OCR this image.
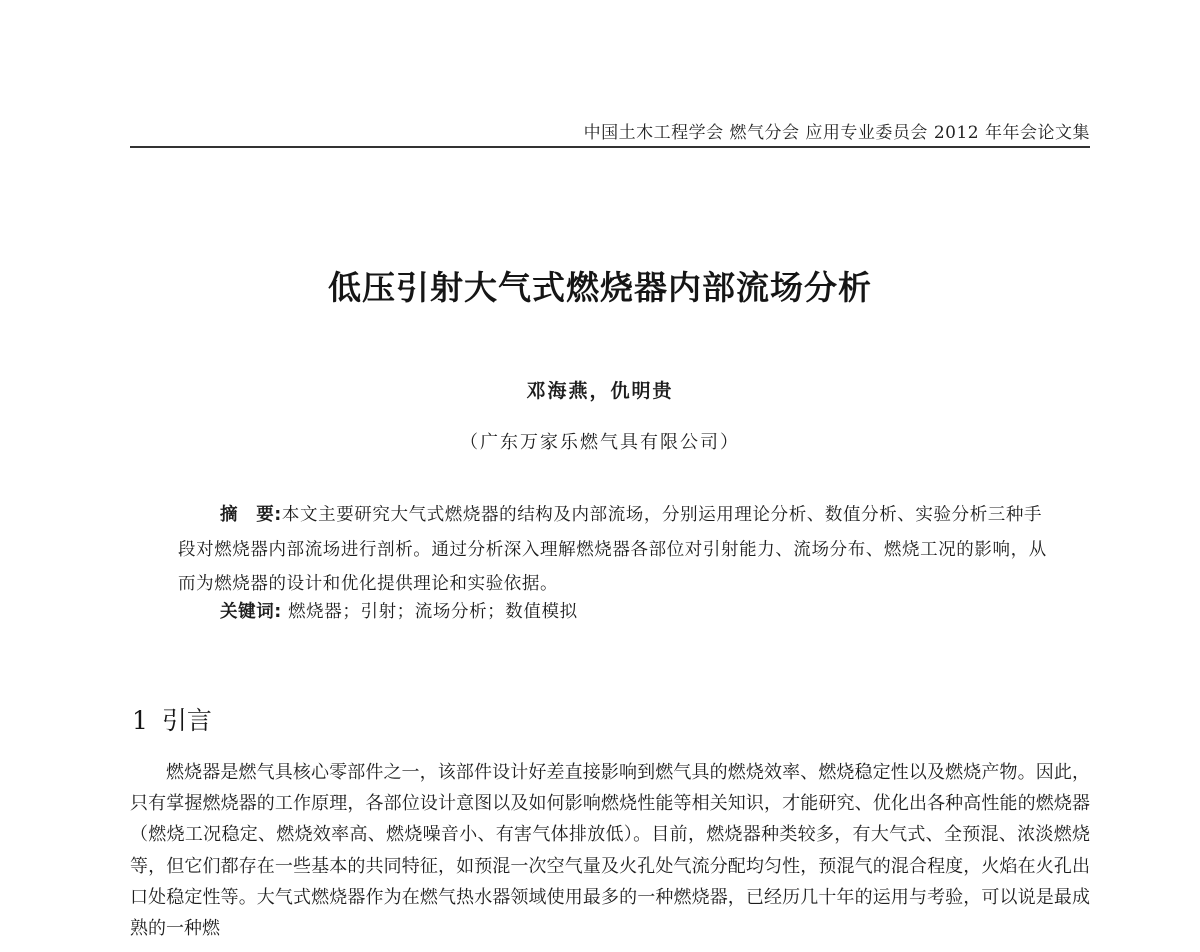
中国土木工程学会 燃气分会 应用专业委员会 2012 年年会论文集
低压引射大气式燃烧器内部流场分析
邓海燕，仇明贵
（广东万家乐燃气具有限公司）

摘　要:本文主要研究大气式燃烧器的结构及内部流场，分别运用理论分析、数值分析、实验分析三种手段对燃烧器内部流场进行剖析。通过分析深入理解燃烧器各部位对引射能力、流场分布、燃烧工况的影响，从而为燃烧器的设计和优化提供理论和实验依据。

关键词: 燃烧器；引射；流场分析；数值模拟
1 引言

燃烧器是燃气具核心零部件之一，该部件设计好差直接影响到燃气具的燃烧效率、燃烧稳定性以及燃烧产物。因此，只有掌握燃烧器的工作原理，各部位设计意图以及如何影响燃烧性能等相关知识，才能研究、优化出各种高性能的燃烧器（燃烧工况稳定、燃烧效率高、燃烧噪音小、有害气体排放低）。目前，燃烧器种类较多，有大气式、全预混、浓淡燃烧等，但它们都存在一些基本的共同特征，如预混一次空气量及火孔处气流分配均匀性，预混气的混合程度，火焰在火孔出口处稳定性等。大气式燃烧器作为在燃气热水器领域使用最多的一种燃烧器，已经历几十年的运用与考验，可以说是最成熟的一种燃
